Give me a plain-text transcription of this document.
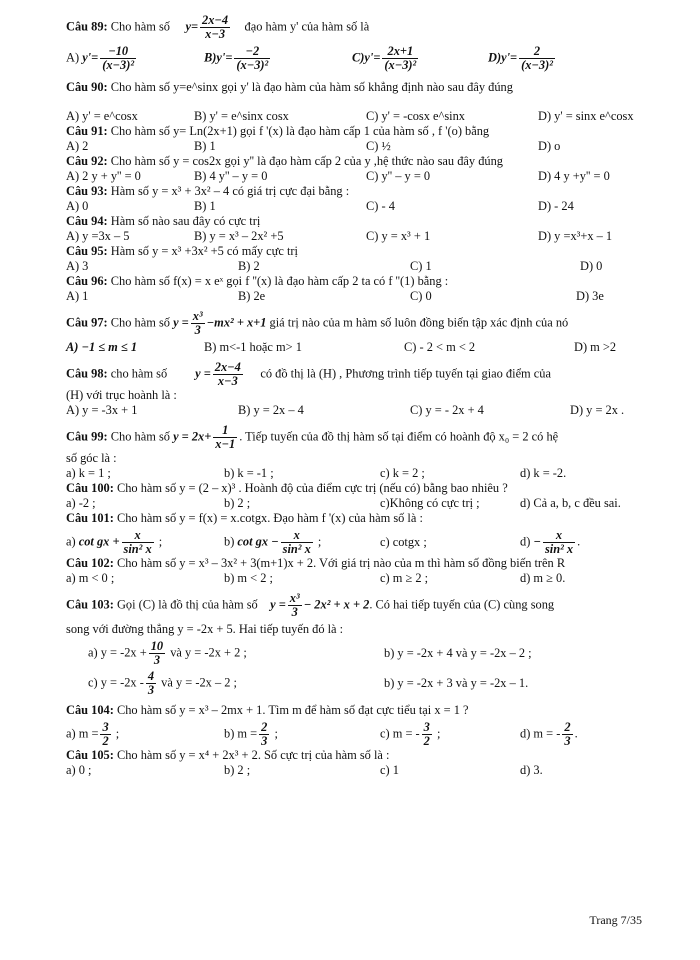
Câu 89: Cho hàm số $y= \frac{2x-4}{x-3}$ đạo hàm y' của hàm số là
A) $y'= \frac{-10}{\text{(x−3)²}}$	$B)y'= \frac{-2}{\text{(x−3)²}}$	$C)y'= \frac{2x+1}{\text{(x−3)²}}$	$D)y'= \frac{2}{\text{(x−3)²}}$
Câu 90: Cho hàm số y=e^sinx gọi y' là đạo hàm của hàm số khẳng định nào sau đây đúng
A) y' = e^cosx	B) y' = e^sinx cosx	C) y' = -cosx e^sinx	D) y' = sinx e^cosx
Câu 91: Cho hàm số y= Ln(2x+1) gọi f '(x) là đạo hàm cấp 1 của hàm số , f '(o) bằng
A) 2	B) 1	C) ½	D) o
Câu 92: Cho hàm số y = cos2x gọi y'' là đạo hàm cấp 2 của y ,hệ thức nào sau đây đúng
A) 2 y + y'' = 0	B) 4 y'' – y = 0	C) y'' – y = 0	D) 4 y +y'' = 0
Câu 93: Hàm số y = x³ + 3x² – 4 có giá trị cực đại bằng :
A) 0	B) 1	C) - 4	D) - 24
Câu 94: Hàm số nào sau đây có cực trị
A) y =3x – 5	B) y = x³ – 2x² +5	C) y = x³ + 1	D) y =x³+x – 1
Câu 95: Hàm số y = x³ +3x² +5 có mấy cực trị
A) 3	B) 2	C) 1	D) 0
Câu 96: Cho hàm số f(x) = x eˣ gọi f ''(x) là đạo hàm cấp 2 ta có f ''(1) bằng :
A) 1	B) 2e	C) 0	D) 3e
Câu 97: Cho hàm số $y = \frac{\text{x³}}{3} -mx^2 + x+1$ giá trị nào của m hàm số luôn đồng biến tập xác định của nó
A) −1 ≤ m ≤ 1	B) m<-1 hoặc m> 1	C) - 2 < m < 2	D) m >2
Câu 98: cho hàm số $y = \frac{2x-4}{x-3}$ có đồ thị là (H) , Phương trình tiếp tuyến tại giao điểm của
(H) với trục hoành là :
A) y = -3x + 1	B) y = 2x – 4	C) y = - 2x + 4	D) y = 2x .
Câu 99: Cho hàm số $y = 2x+ \frac{1}{x-1}$ . Tiếp tuyến của đồ thị hàm số tại điểm có hoành độ x₀ = 2 có hệ
số góc là :
a) k = 1 ;	b) k = -1 ;	c) k = 2 ;	d) k = -2.
Câu 100: Cho hàm số y = (2 – x)³ . Hoành độ của điểm cực trị (nếu có) bằng bao nhiêu ?
a) -2 ;	b) 2 ;	c)Không có cực trị ;	d) Cả a, b, c đều sai.
Câu 101: Cho hàm số y = f(x) = x.cotgx. Đạo hàm f '(x) của hàm số là :
a) cot gx + $\frac{x}{\text{sin² x}}$ ;	b) cot gx − $\frac{x}{\text{sin² x}}$ ;	c) cotgx ;	$d) - \frac{x}{\text{sin² x}}$ .
Câu 102: Cho hàm số y = x³ – 3x² + 3(m+1)x + 2. Với giá trị nào của m thì hàm số đồng biến trên R
a) m < 0 ;	b) m < 2 ;	c) m ≥ 2 ;	d) m ≥ 0.
Câu 103: Gọi (C) là đồ thị của hàm số $y = \frac{\text{x³}}{3} - 2x^2 + x + 2$. Có hai tiếp tuyến của (C) cùng song
song với đường thẳng y = -2x + 5. Hai tiếp tuyến đó là :
a) $y = -2x + \frac{10}{3}$ và y = -2x + 2 ;	b) y = -2x + 4 và y = -2x – 2 ;
c) $y = -2x - \frac{4}{3}$ và y = -2x – 2 ;	b) y = -2x + 3 và y = -2x – 1.
Câu 104: Cho hàm số y = x³ – 2mx + 1. Tìm m để hàm số đạt cực tiểu tại x = 1 ?
a) $m = \frac{3}{2}$ ;	b) $m = \frac{2}{3}$ ;	c) m = - $\frac{3}{2}$ ;	d) m = - $\frac{2}{3}$ .
Câu 105: Cho hàm số y = x⁴ + 2x³ + 2. Số cực trị của hàm số là :
a) 0 ;	b) 2 ;	c) 1	d) 3.
Trang 7/35
